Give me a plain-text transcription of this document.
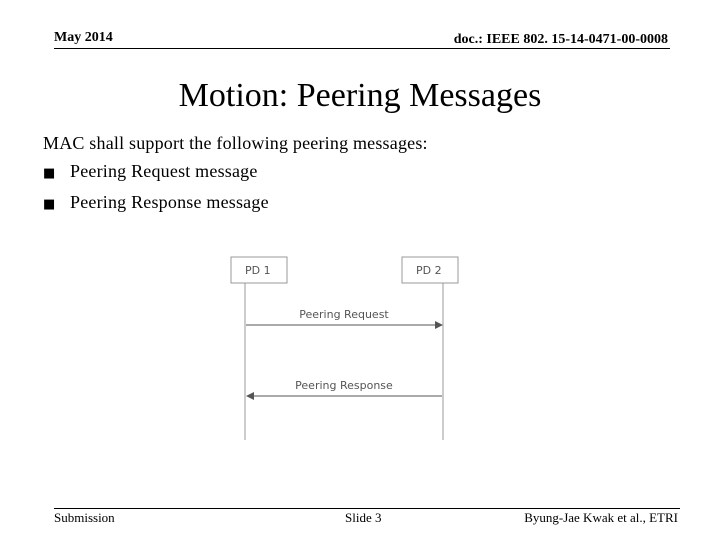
May 2014	doc.: IEEE 802. 15-14-0471-00-0008
Motion: Peering Messages
MAC shall support the following peering messages:
■ Peering Request message
■ Peering Response message
PD 1	PD 2
Peering Request
Peering Response
Submission	Slide 3	Byung-Jae Kwak et al., ETRI
